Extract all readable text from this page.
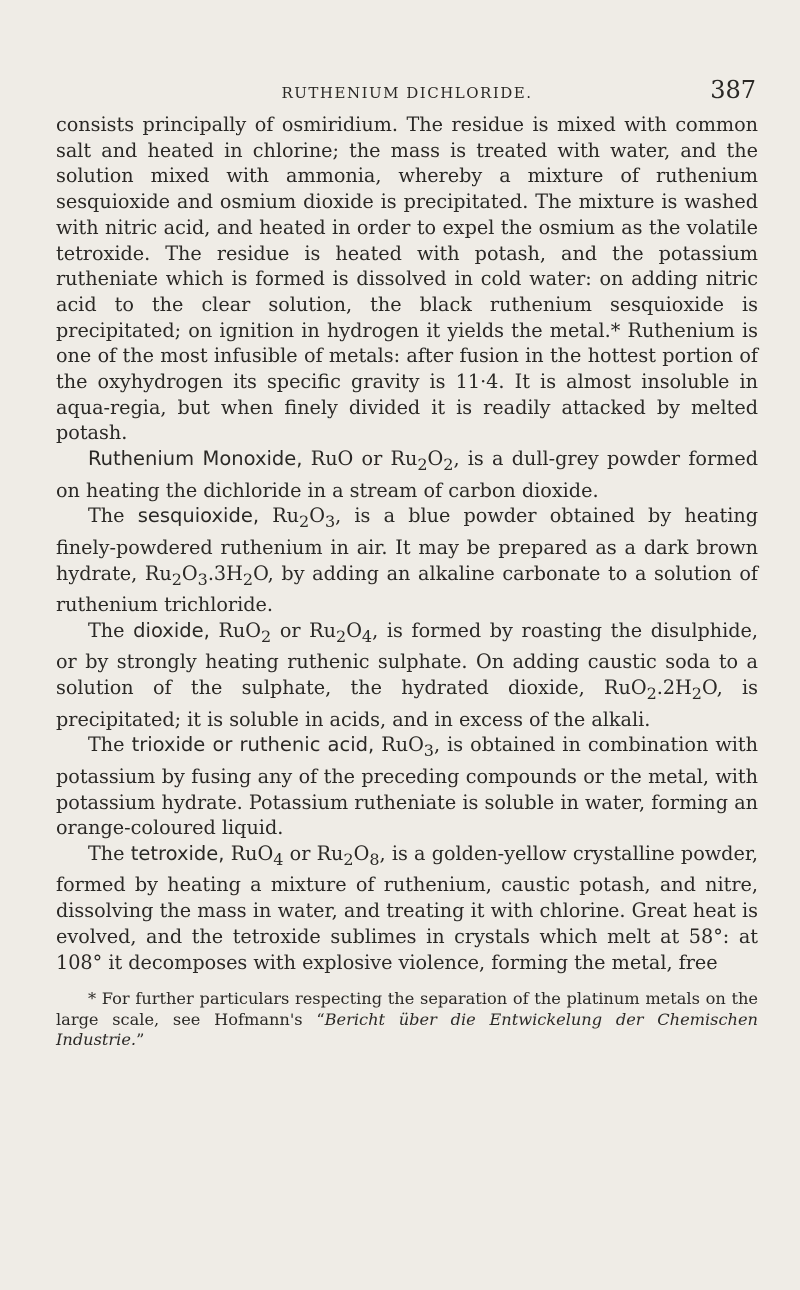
RUTHENIUM DICHLORIDE.	387

consists principally of osmiridium. The residue is mixed with common salt and heated in chlorine; the mass is treated with water, and the solution mixed with ammonia, whereby a mixture of ruthenium sesquioxide and osmium dioxide is precipitated. The mixture is washed with nitric acid, and heated in order to expel the osmium as the volatile tetroxide. The residue is heated with potash, and the potassium rutheniate which is formed is dissolved in cold water: on adding nitric acid to the clear solution, the black ruthenium sesquioxide is precipitated; on ignition in hydrogen it yields the metal.* Ruthenium is one of the most infusible of metals: after fusion in the hottest portion of the oxyhydrogen its specific gravity is 11·4. It is almost insoluble in aqua-regia, but when finely divided it is readily attacked by melted potash.

Ruthenium Monoxide, RuO or $Ru_2O_2$, is a dull-grey powder formed on heating the dichloride in a stream of carbon dioxide.

The sesquioxide, $Ru_2O_3$, is a blue powder obtained by heating finely-powdered ruthenium in air. It may be prepared as a dark brown hydrate, $Ru_2O_3.3H_2O$, by adding an alkaline carbonate to a solution of ruthenium trichloride.

The dioxide, RuO$_2$ or $Ru_2O_4$, is formed by roasting the disulphide, or by strongly heating ruthenic sulphate. On adding caustic soda to a solution of the sulphate, the hydrated dioxide, $RuO_2.2H_2O$, is precipitated; it is soluble in acids, and in excess of the alkali.

The trioxide or ruthenic acid, RuO$_3$, is obtained in combination with potassium by fusing any of the preceding compounds or the metal, with potassium hydrate. Potassium rutheniate is soluble in water, forming an orange-coloured liquid.

The tetroxide, RuO$_4$ or $Ru_2O_8$, is a golden-yellow crystalline powder, formed by heating a mixture of ruthenium, caustic potash, and nitre, dissolving the mass in water, and treating it with chlorine. Great heat is evolved, and the tetroxide sublimes in crystals which melt at 58°: at 108° it decomposes with explosive violence, forming the metal, free

* For further particulars respecting the separation of the platinum metals on the large scale, see Hofmann's “Bericht über die Entwickelung der Chemischen Industrie.”
